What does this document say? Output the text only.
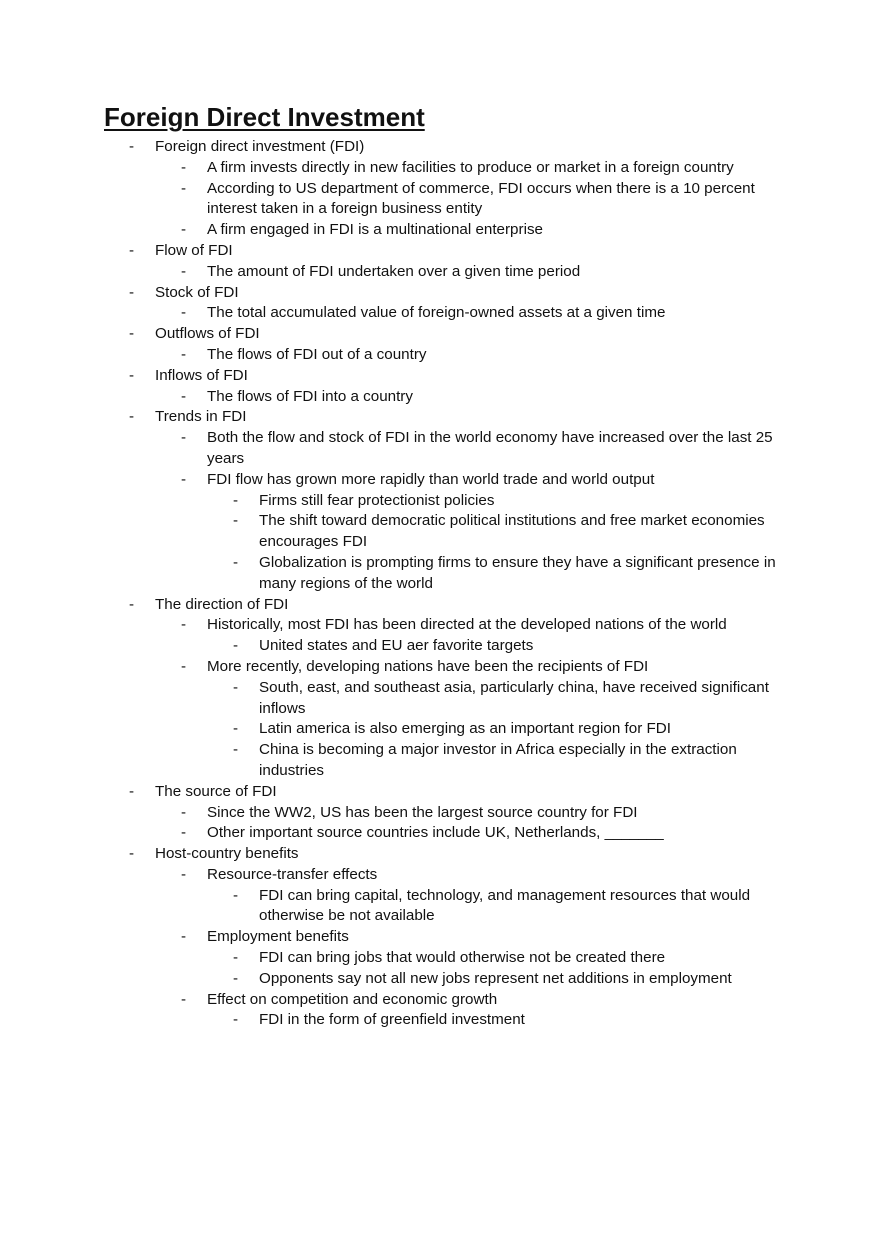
Foreign Direct Investment
- Foreign direct investment (FDI)
- A firm invests directly in new facilities to produce or market in a foreign country
- According to US department of commerce, FDI occurs when there is a 10 percent interest taken in a foreign business entity
- A firm engaged in FDI is a multinational enterprise
- Flow of FDI
- The amount of FDI undertaken over a given time period
- Stock of FDI
- The total accumulated value of foreign-owned assets at a given time
- Outflows of FDI
- The flows of FDI out of a country
- Inflows of FDI
- The flows of FDI into a country
- Trends in FDI
- Both the flow and stock of FDI in the world economy have increased over the last 25 years
- FDI flow has grown more rapidly than world trade and world output
- Firms still fear protectionist policies
- The shift toward democratic political institutions and free market economies encourages FDI
- Globalization is prompting firms to ensure they have a significant presence in many regions of the world
- The direction of FDI
- Historically, most FDI has been directed at the developed nations of the world
- United states and EU aer favorite targets
- More recently, developing nations have been the recipients of FDI
- South, east, and southeast asia, particularly china, have received significant inflows
- Latin america is also emerging as an important region for FDI
- China is becoming a major investor in Africa especially in the extraction industries
- The source of FDI
- Since the WW2, US has been the largest source country for FDI
- Other important source countries include UK, Netherlands, _______
- Host-country benefits
- Resource-transfer effects
- FDI can bring capital, technology, and management resources that would otherwise be not available
- Employment benefits
- FDI can bring jobs that would otherwise not be created there
- Opponents say not all new jobs represent net additions in employment
- Effect on competition and economic growth
- FDI in the form of greenfield investment
